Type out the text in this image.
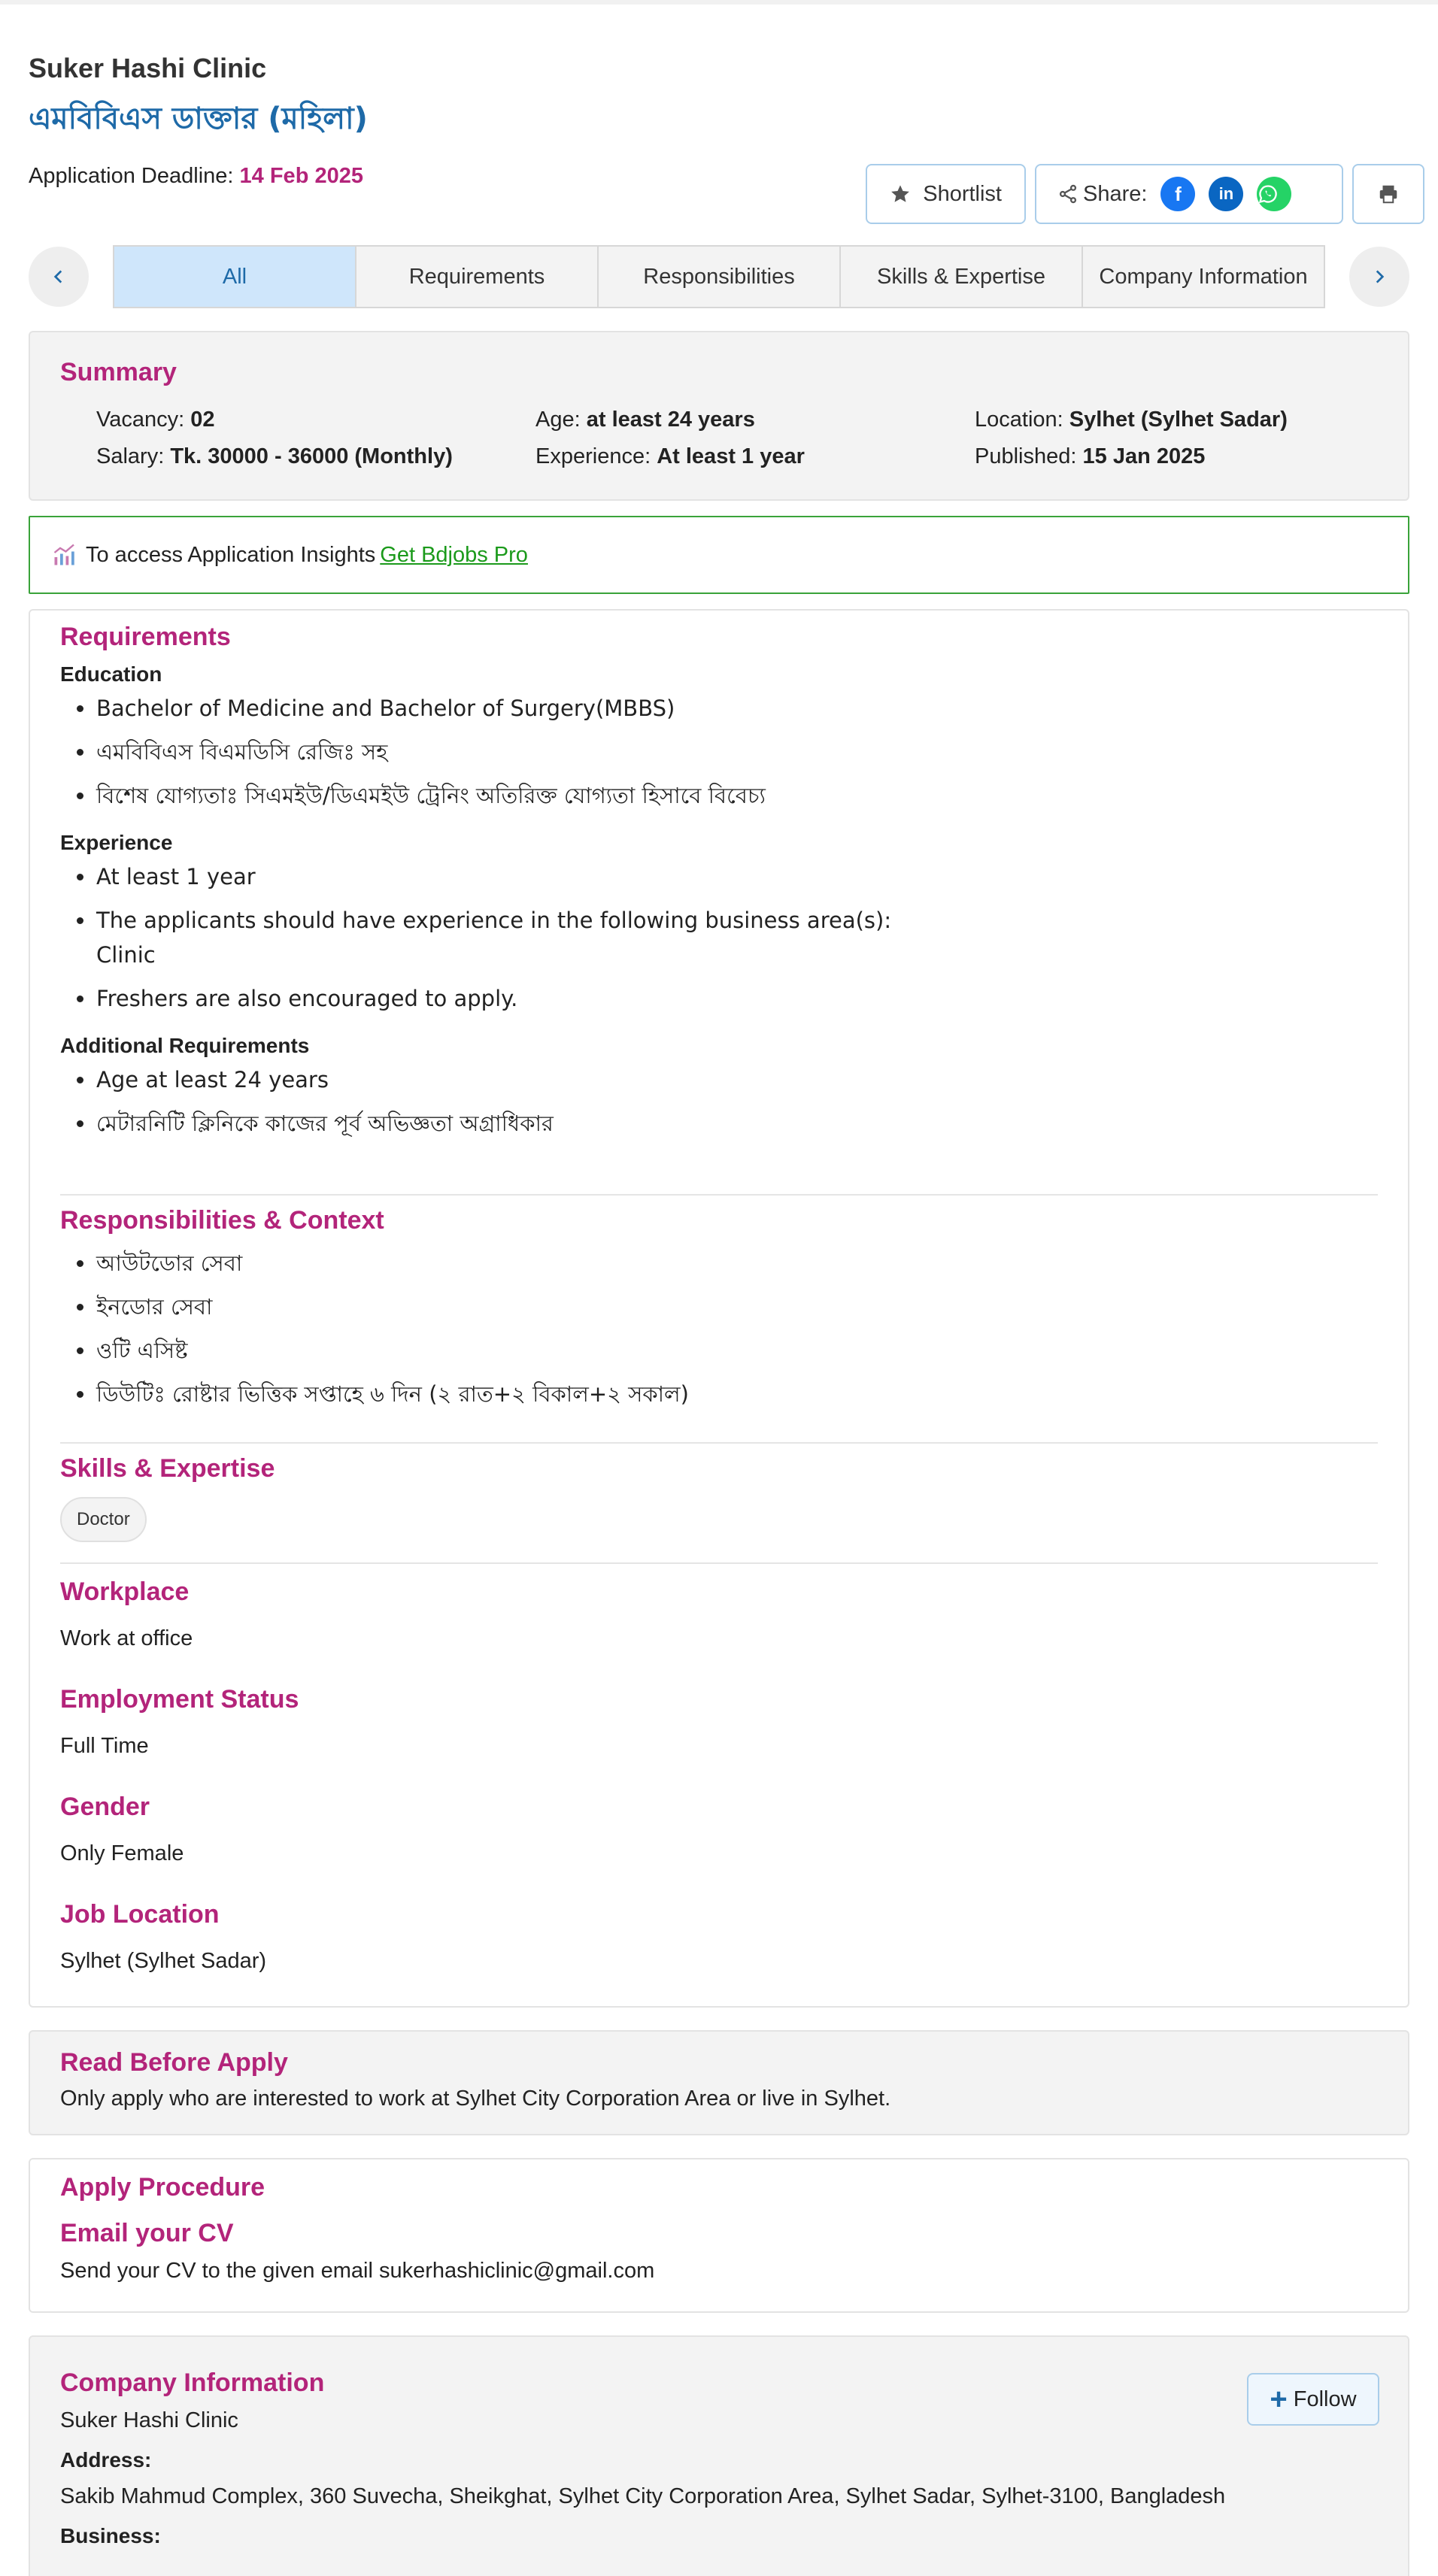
Suker Hashi Clinic
এমবিবিএস ডাক্তার (মহিলা)
Application Deadline: 14 Feb 2025
Shortlist	Share:	f	in
All	Requirements	Responsibilities	Skills & Expertise	Company Information
Summary
Vacancy: 02	Age: at least 24 years	Location: Sylhet (Sylhet Sadar)
Salary: Tk. 30000 - 36000 (Monthly)	Experience: At least 1 year	Published: 15 Jan 2025
To access Application Insights Get Bdjobs Pro
Requirements
Education
Bachelor of Medicine and Bachelor of Surgery(MBBS)
এমবিবিএস বিএমডিসি রেজিঃ সহ
বিশেষ যোগ্যতাঃ সিএমইউ/ডিএমইউ ট্রেনিং অতিরিক্ত যোগ্যতা হিসাবে বিবেচ্য
Experience
At least 1 year
The applicants should have experience in the following business area(s):
Clinic
Freshers are also encouraged to apply.
Additional Requirements
Age at least 24 years
মেটারনিটি ক্লিনিকে কাজের পূর্ব অভিজ্ঞতা অগ্রাধিকার
Responsibilities & Context
আউটডোর সেবা
ইনডোর সেবা
ওটি এসিষ্ট
ডিউটিঃ রোষ্টার ভিত্তিক সপ্তাহে ৬ দিন (২ রাত+২ বিকাল+২ সকাল)
Skills & Expertise
Doctor
Workplace
Work at office
Employment Status
Full Time
Gender
Only Female
Job Location
Sylhet (Sylhet Sadar)
Read Before Apply
Only apply who are interested to work at Sylhet City Corporation Area or live in Sylhet.
Apply Procedure
Email your CV
Send your CV to the given email sukerhashiclinic@gmail.com
Company Information
Suker Hashi Clinic
Address:
Sakib Mahmud Complex, 360 Suvecha, Sheikghat, Sylhet City Corporation Area, Sylhet Sadar, Sylhet-3100, Bangladesh
Business:
+ Follow
